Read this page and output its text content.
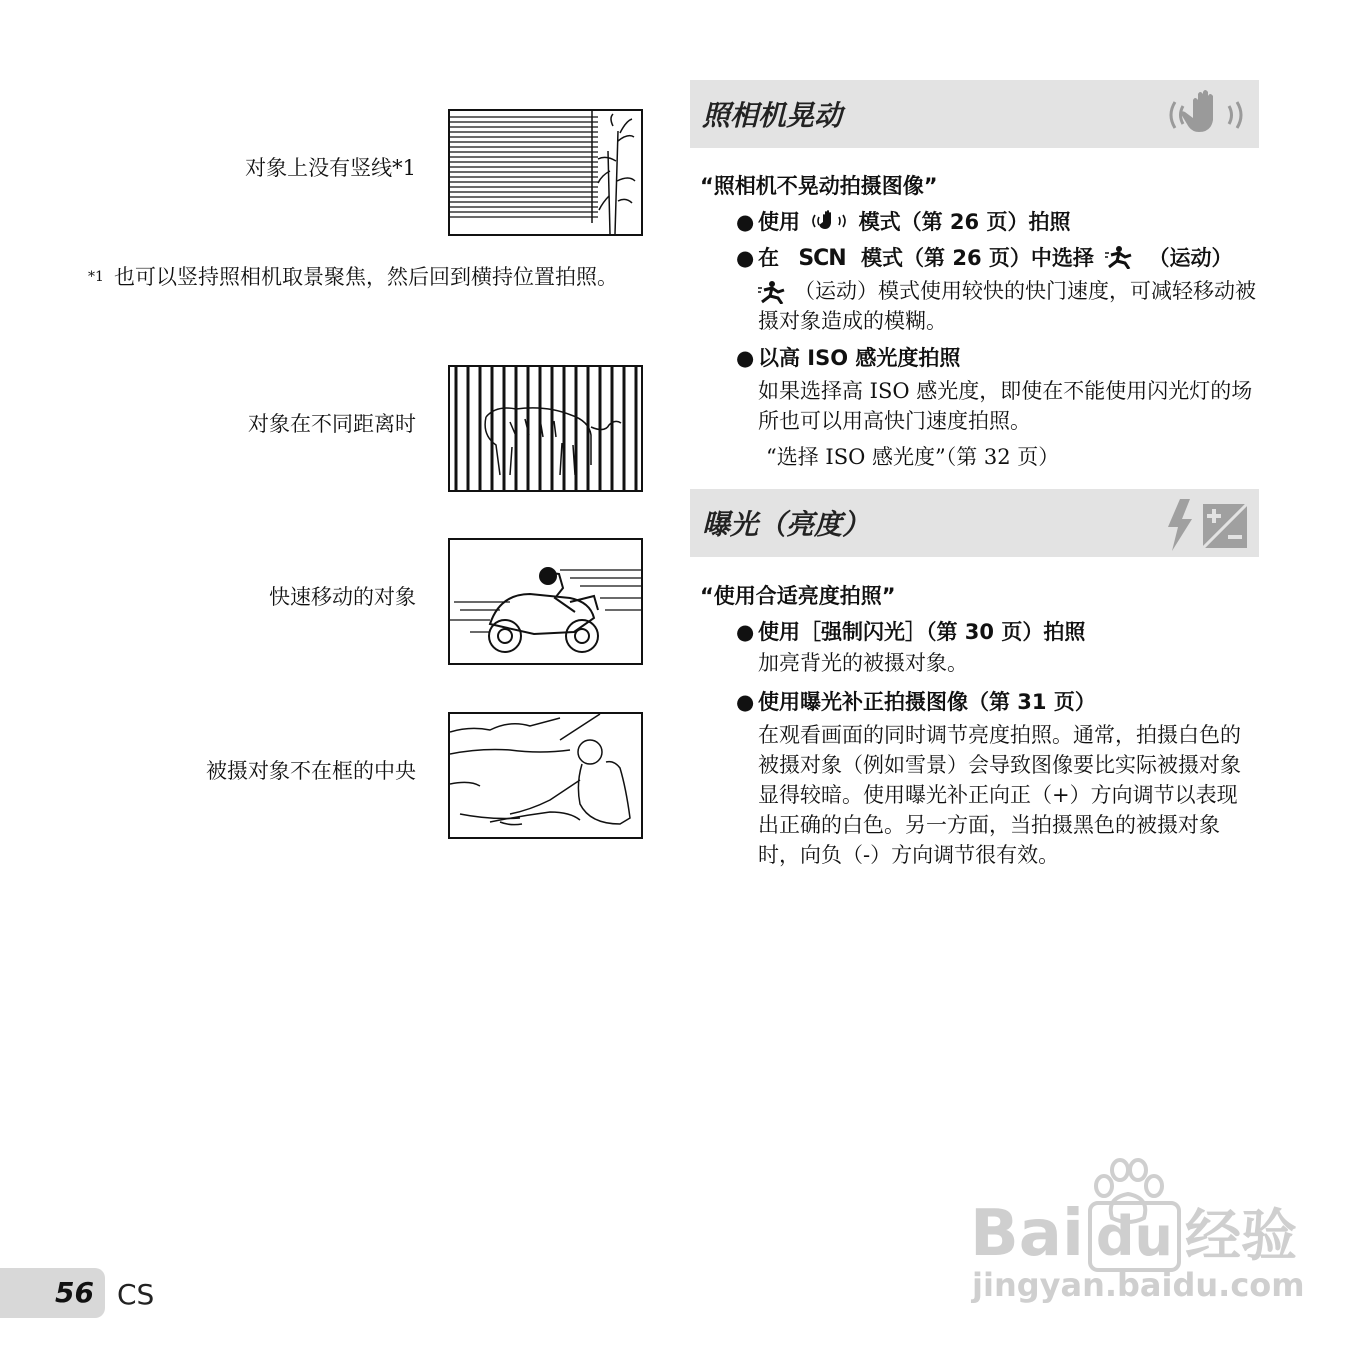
对象上没有竖线*1
*1 也可以竖持照相机取景聚焦，然后回到横持位置拍照。
对象在不同距离时
快速移动的对象
被摄对象不在框的中央
照相机晃动
“照相机不晃动拍摄图像”
● 使用	模式（第 26 页）拍照
● 在 SCN 模式（第 26 页）中选择	（运动）
（运动）模式使用较快的快门速度，可减轻移动被摄对象造成的模糊。
● 以高 ISO 感光度拍照
如果选择高 ISO 感光度，即使在不能使用闪光灯的场所也可以用高快门速度拍照。
“选择 ISO 感光度”（第 32 页）
曝光（亮度）
“使用合适亮度拍照”
● 使用［强制闪光］（第 30 页）拍照
加亮背光的被摄对象。
● 使用曝光补正拍摄图像（第 31 页）
在观看画面的同时调节亮度拍照。通常，拍摄白色的被摄对象（例如雪景）会导致图像要比实际被摄对象显得较暗。使用曝光补正向正（+）方向调节以表现出正确的白色。另一方面，当拍摄黑色的被摄对象时，向负（-）方向调节很有效。
56 CS
Bai du 经验
jingyan.baidu.com
